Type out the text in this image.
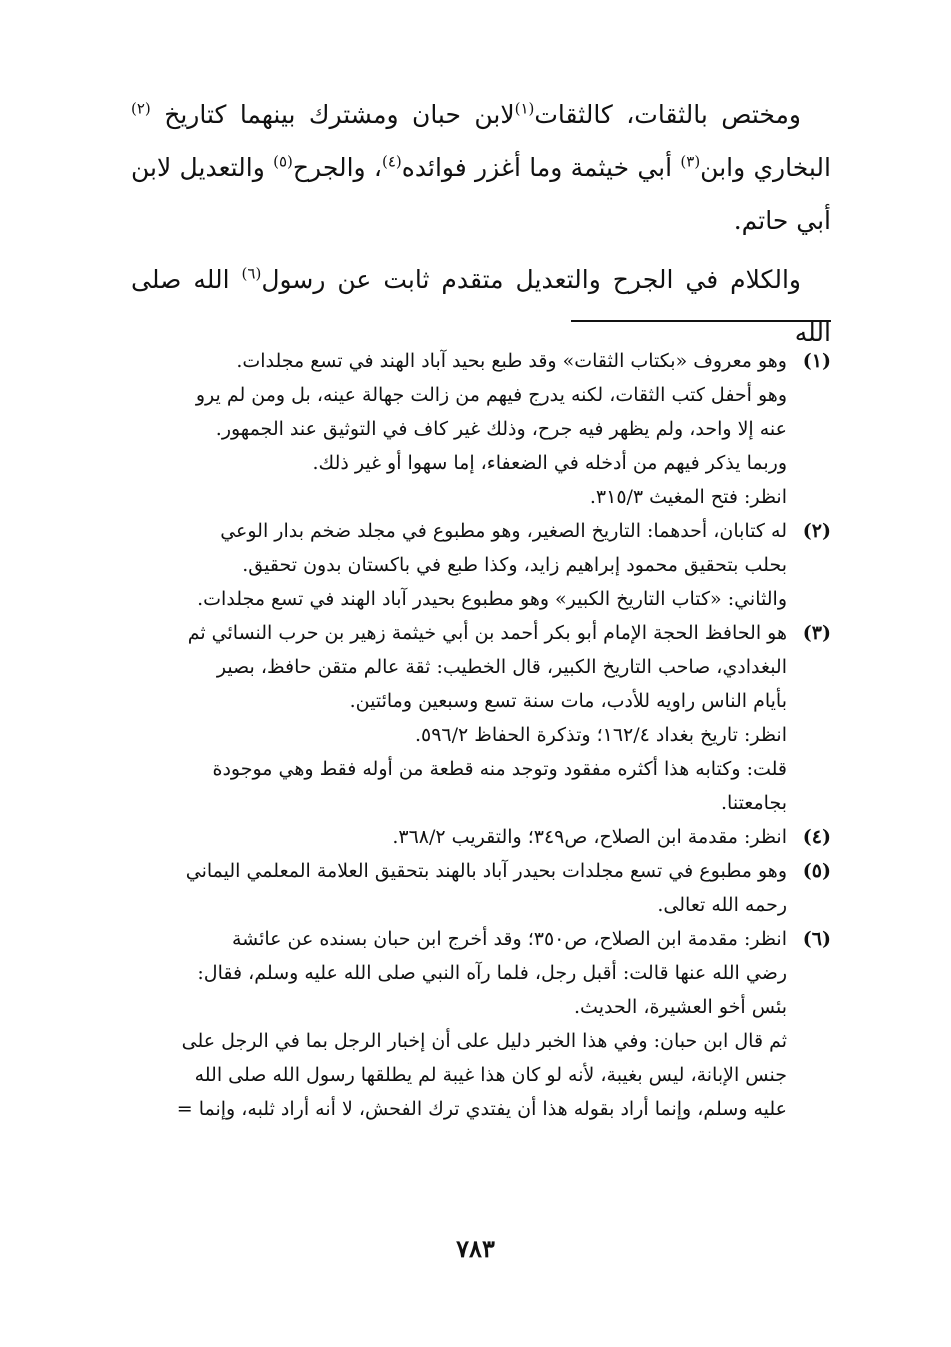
ومختص بالثقات، كالثقات$^{(١)}$لابن حبان ومشترك بينهما كتاريخ $^{(٢)}$ البخاري وابن$^{(٣)}$ أبي خيثمة وما أغزر فوائده$^{(٤)}$، والجرح$^{(٥)}$ والتعديل لابن أبي حاتم.

والكلام في الجرح والتعديل متقدم ثابت عن رسول$^{(٦)}$ الله صلى الله

(١)

وهو معروف «بكتاب الثقات» وقد طبع بحيد آباد الهند في تسع مجلدات.

وهو أحفل كتب الثقات، لكنه يدرج فيهم من زالت جهالة عينه، بل ومن لم يرو

عنه إلا واحد، ولم يظهر فيه جرح، وذلك غير كاف في التوثيق عند الجمهور.

وربما يذكر فيهم من أدخله في الضعفاء، إما سهوا أو غير ذلك.

انظر: فتح المغيث ٣١٥/٣.

(٢)

له كتابان، أحدهما: التاريخ الصغير، وهو مطبوع في مجلد ضخم بدار الوعي

بحلب بتحقيق محمود إبراهيم زايد، وكذا طبع في باكستان بدون تحقيق.

والثاني: «كتاب التاريخ الكبير» وهو مطبوع بحيدر آباد الهند في تسع مجلدات.

(٣)

هو الحافظ الحجة الإمام أبو بكر أحمد بن أبي خيثمة زهير بن حرب النسائي ثم

البغدادي، صاحب التاريخ الكبير، قال الخطيب: ثقة عالم متقن حافظ، بصير

بأيام الناس راويه للأدب، مات سنة تسع وسبعين ومائتين.

انظر: تاريخ بغداد ١٦٢/٤؛ وتذكرة الحفاظ ٥٩٦/٢.

قلت: وكتابه هذا أكثره مفقود وتوجد منه قطعة من أوله فقط وهي موجودة

بجامعتنا.

(٤)

انظر: مقدمة ابن الصلاح، ص٣٤٩؛ والتقريب ٣٦٨/٢.

(٥)

وهو مطبوع في تسع مجلدات بحيدر آباد بالهند بتحقيق العلامة المعلمي اليماني

رحمه الله تعالى.

(٦)

انظر: مقدمة ابن الصلاح، ص٣٥٠؛ وقد أخرج ابن حبان بسنده عن عائشة

رضي الله عنها قالت: أقبل رجل، فلما رآه النبي صلى الله عليه وسلم، فقال:

بئس أخو العشيرة، الحديث.

ثم قال ابن حبان: وفي هذا الخبر دليل على أن إخبار الرجل بما في الرجل على

جنس الإبانة، ليس بغيبة، لأنه لو كان هذا غيبة لم يطلقها رسول الله صلى الله

عليه وسلم، وإنما أراد بقوله هذا أن يفتدي ترك الفحش، لا أنه أراد ثلبه، وإنما =

٧٨٣
